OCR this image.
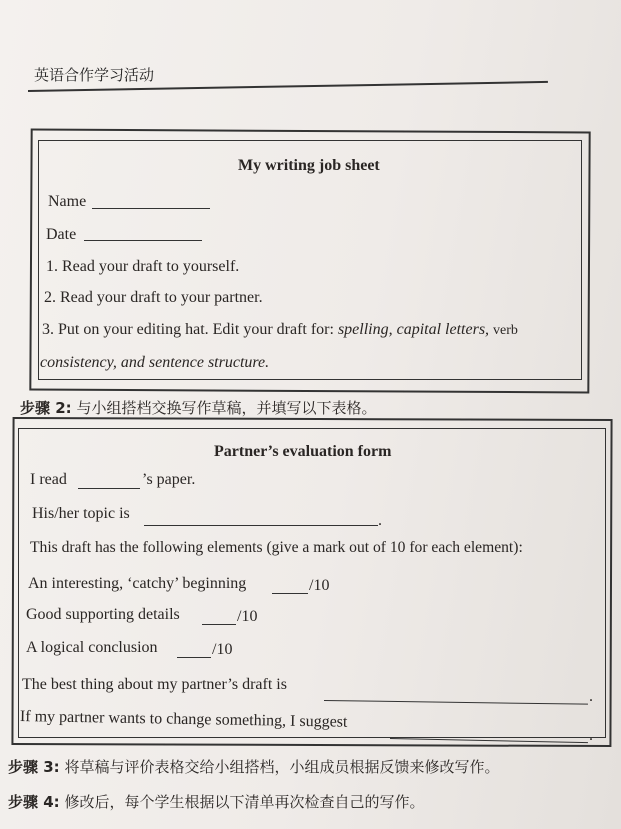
英语合作学习活动
My writing job sheet
Name
Date
1. Read your draft to yourself.
2. Read your draft to your partner.
3. Put on your editing hat. Edit your draft for: spelling, capital letters, verb
consistency, and sentence structure.
步骤 2: 与小组搭档交换写作草稿，并填写以下表格。
Partner’s evaluation form
I read	’s paper.
His/her topic is	.
This draft has the following elements (give a mark out of 10 for each element):
An interesting, ‘catchy’ beginning	/10
Good supporting details	/10
A logical conclusion	/10
The best thing about my partner’s draft is
.
If my partner wants to change something, I suggest
.
步骤 3: 将草稿与评价表格交给小组搭档，小组成员根据反馈来修改写作。
步骤 4: 修改后，每个学生根据以下清单再次检查自己的写作。
